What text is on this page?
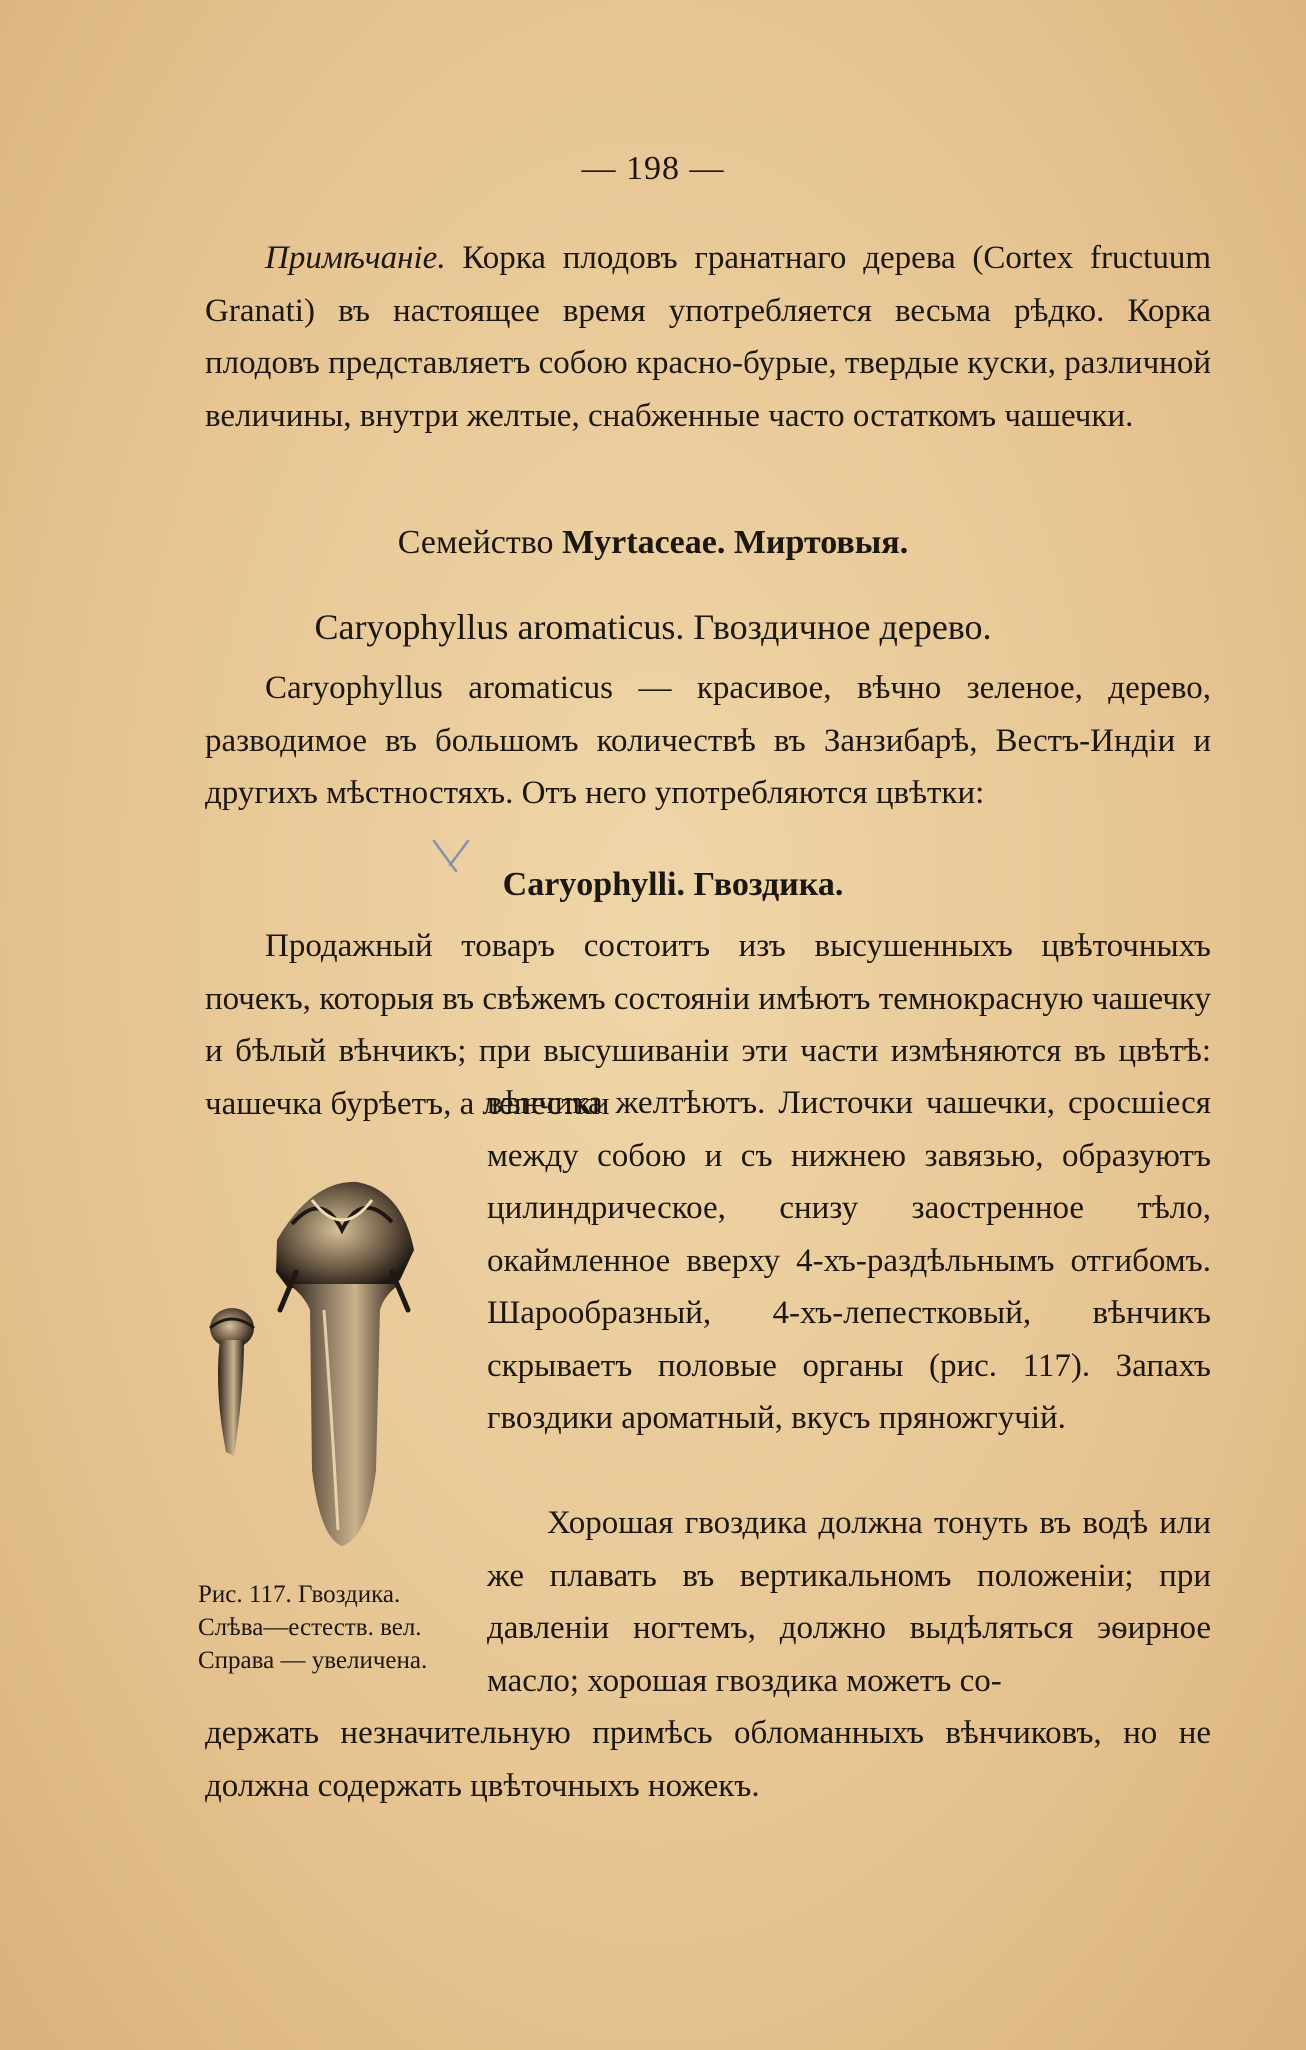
— 198 —
Примѣчаніе. Корка плодовъ гранатнаго дерева (Cortex fructuum Granati) въ настоящее время употребляется весьма рѣдко. Корка плодовъ представляетъ собою красно-бурые, твердые куски, различной величины, внутри желтые, снабженные часто остаткомъ чашечки.
Семейство Myrtaceae. Миртовыя.
Caryophyllus aromaticus. Гвоздичное дерево.
Caryophyllus aromaticus — красивое, вѣчно зеленое, дерево, разводимое въ большомъ количествѣ въ Занзибарѣ, Вестъ-Индіи и другихъ мѣстностяхъ. Отъ него употребляются цвѣтки:
Caryophylli. Гвоздика.
Продажный товаръ состоитъ изъ высушенныхъ цвѣточныхъ почекъ, которыя въ свѣжемъ состояніи имѣютъ темнокрасную чашечку и бѣлый вѣнчикъ; при высушиваніи эти части измѣняются въ цвѣтѣ: чашечка бурѣетъ, а лепестки
вѣнчика желтѣютъ. Листочки чашечки, сросшіеся между собою и съ нижнею завязью, образуютъ цилиндрическое, снизу заостренное тѣло, окаймленное вверху 4-хъ-раздѣльнымъ отгибомъ. Шарообразный, 4-хъ-лепестковый, вѣнчикъ скрываетъ половые органы (рис. 117). Запахъ гвоздики ароматный, вкусъ пряножгучій.
Хорошая гвоздика должна тонуть въ водѣ или же плавать въ вертикальномъ положеніи; при давленіи ногтемъ, должно выдѣляться эѳирное масло; хорошая гвоздика можетъ со-
держать незначительную примѣсь обломанныхъ вѣнчиковъ, но не должна содержать цвѣточныхъ ножекъ.
Рис. 117. Гвоздика.
Слѣва—естеств. вел.
Справа — увеличена.
